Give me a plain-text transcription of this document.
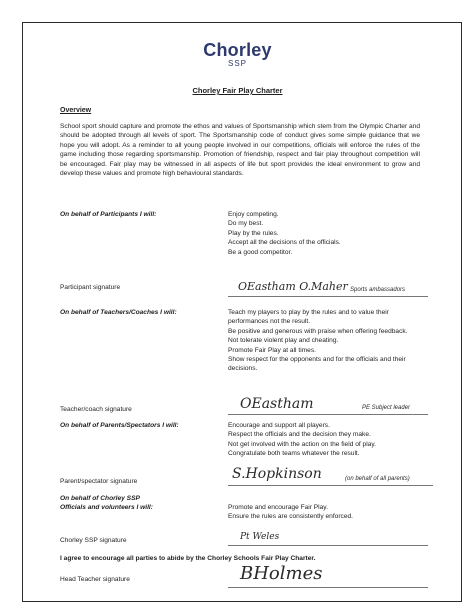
Chorley
SSP
Chorley Fair Play Charter
Overview
School sport should capture and promote the ethos and values of Sportsmanship which stem from the Olympic Charter and should be adopted through all levels of sport. The Sportsmanship code of conduct gives some simple guidance that we hope you will adopt. As a reminder to all young people involved in our competitions, officials will enforce the rules of the game including those regarding sportsmanship. Promotion of friendship, respect and fair play throughout competition will be encouraged. Fair play may be witnessed in all aspects of life but sport provides the ideal environment to grow and develop these values and promote high behavioural standards.
On behalf of Participants I will:	Enjoy competing.
Do my best.
Play by the rules.
Accept all the decisions of the officials.
Be a good competitor.
Participant signature	OEastham O.Maher Sports ambassadors
On behalf of Teachers/Coaches I will:	Teach my players to play by the rules and to value their performances not the result.
Be positive and generous with praise when offering feedback.
Not tolerate violent play and cheating.
Promote Fair Play at all times.
Show respect for the opponents and for the officials and their decisions.
Teacher/coach signature	OEastham	PE Subject leader
On behalf of Parents/Spectators I will:	Encourage and support all players.
Respect the officials and the decision they make.
Not get involved with the action on the field of play.
Congratulate both teams whatever the result.
Parent/spectator signature	S.Hopkinson	(on behalf of all parents)
On behalf of Chorley SSP
Officials and volunteers I will:	Promote and encourage Fair Play.
Ensure the rules are consistently enforced.
Chorley SSP signature	Pt Weles
I agree to encourage all parties to abide by the Chorley Schools Fair Play Charter.
Head Teacher signature	BHolmes
